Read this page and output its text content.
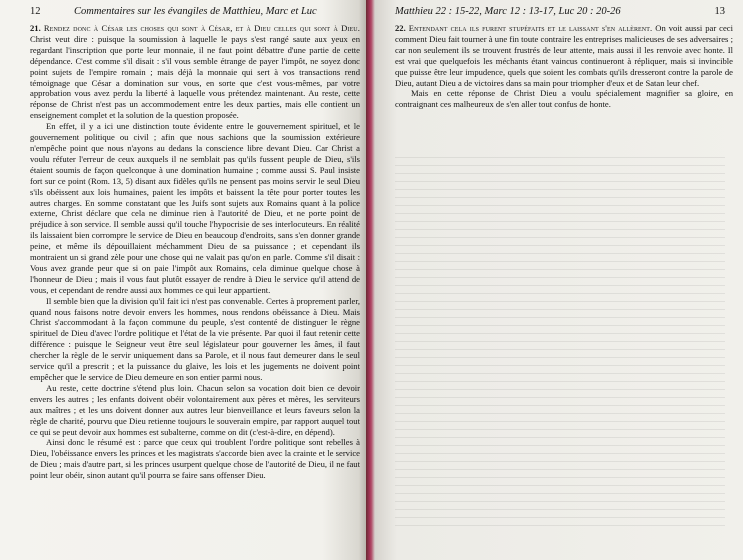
12	Commentaires sur les évangiles de Matthieu, Marc et Luc

21. Rendez donc à César les choses qui sont à César, et à Dieu celles qui sont à Dieu. Christ veut dire : puisque la soumission à laquelle le pays s'est rangé saute aux yeux en regardant l'inscription que porte leur monnaie, il ne faut point débattre d'une partie de cette dépendance. C'est comme s'il disait : s'il vous semble étrange de payer l'impôt, ne soyez donc point sujets de l'empire romain ; mais déjà la monnaie qui sert à vos transactions rend témoignage que César a domination sur vous, en sorte que c'est vous-mêmes, par votre approbation vous avez perdu la liberté à laquelle vous prétendez maintenant. Au reste, cette réponse de Christ n'est pas un accommodement entre les deux parties, mais elle contient un enseignement complet et la solution de la question proposée.

En effet, il y a ici une distinction toute évidente entre le gouvernement spirituel, et le gouvernement politique ou civil ; afin que nous sachions que la soumission extérieure n'empêche point que nous n'ayons au dedans la conscience libre devant Dieu. Car Christ a voulu réfuter l'erreur de ceux auxquels il ne semblait pas qu'ils fussent peuple de Dieu, s'ils étaient soumis de façon quelconque à une domination humaine ; comme aussi S. Paul insiste fort sur ce point (Rom. 13, 5) disant aux fidèles qu'ils ne pensent pas moins servir le seul Dieu s'ils obéissent aux lois humaines, paient les impôts et baissent la tête pour porter toutes les autres charges. En somme constatant que les Juifs sont sujets aux Romains quant à la police externe, Christ déclare que cela ne diminue rien à l'autorité de Dieu, et ne porte point de préjudice à son service. Il semble aussi qu'il touche l'hypocrisie de ses interlocuteurs. En réalité ils laissaient bien corrompre le service de Dieu en beaucoup d'endroits, sans s'en donner grande peine, et même ils dépouillaient méchamment Dieu de sa puissance ; et cependant ils montraient un si grand zèle pour une chose qui ne valait pas qu'on en parle. Comme s'il disait : Vous avez grande peur que si on paie l'impôt aux Romains, cela diminue quelque chose à l'honneur de Dieu ; mais il vous faut plutôt essayer de rendre à Dieu le service qu'il attend de vous, et cependant de rendre aussi aux hommes ce qui leur appartient.

Il semble bien que la division qu'il fait ici n'est pas convenable. Certes à proprement parler, quand nous faisons notre devoir envers les hommes, nous rendons obéissance à Dieu. Mais Christ s'accommodant à la façon commune du peuple, s'est contenté de distinguer le règne spirituel de Dieu d'avec l'ordre politique et l'état de la vie présente. Par quoi il faut retenir cette différence : puisque le Seigneur veut être seul législateur pour gouverner les âmes, il faut chercher la règle de le servir uniquement dans sa Parole, et il nous faut demeurer dans le seul service qu'il a prescrit ; et la puissance du glaive, les lois et les jugements ne doivent point empêcher que le service de Dieu demeure en son entier parmi nous.

Au reste, cette doctrine s'étend plus loin. Chacun selon sa vocation doit bien ce devoir envers les autres ; les enfants doivent obéir volontairement aux pères et mères, les serviteurs aux maîtres ; et les uns doivent donner aux autres leur bienveillance et leurs faveurs selon la règle de charité, pourvu que Dieu retienne toujours le souverain empire, par rapport auquel tout ce qui se peut devoir aux hommes est subalterne, comme on dit (c'est-à-dire, en dépend).

Ainsi donc le résumé est : parce que ceux qui troublent l'ordre politique sont rebelles à Dieu, l'obéissance envers les princes et les magistrats s'accorde bien avec la crainte et le service de Dieu ; mais d'autre part, si les princes usurpent quelque chose de l'autorité de Dieu, il ne faut point leur obéir, sinon autant qu'il pourra se faire sans offenser Dieu.

Matthieu 22 : 15-22, Marc 12 : 13-17, Luc 20 : 20-26	13

22. Entendant cela ils furent stupéfaits et le laissant s'en allèrent. On voit aussi par ceci comment Dieu fait tourner à une fin toute contraire les entreprises malicieuses de ses adversaires ; car non seulement ils se trouvent frustrés de leur attente, mais aussi il les renvoie avec honte. Il est vrai que quelquefois les méchants étant vaincus continueront à répliquer, mais si invincible que puisse être leur impudence, quels que soient les combats qu'ils dresseront contre la parole de Dieu, autant Dieu a de victoires dans sa main pour triompher d'eux et de Satan leur chef.

Mais en cette réponse de Christ Dieu a voulu spécialement magnifier sa gloire, en contraignant ces malheureux de s'en aller tout confus de honte.
